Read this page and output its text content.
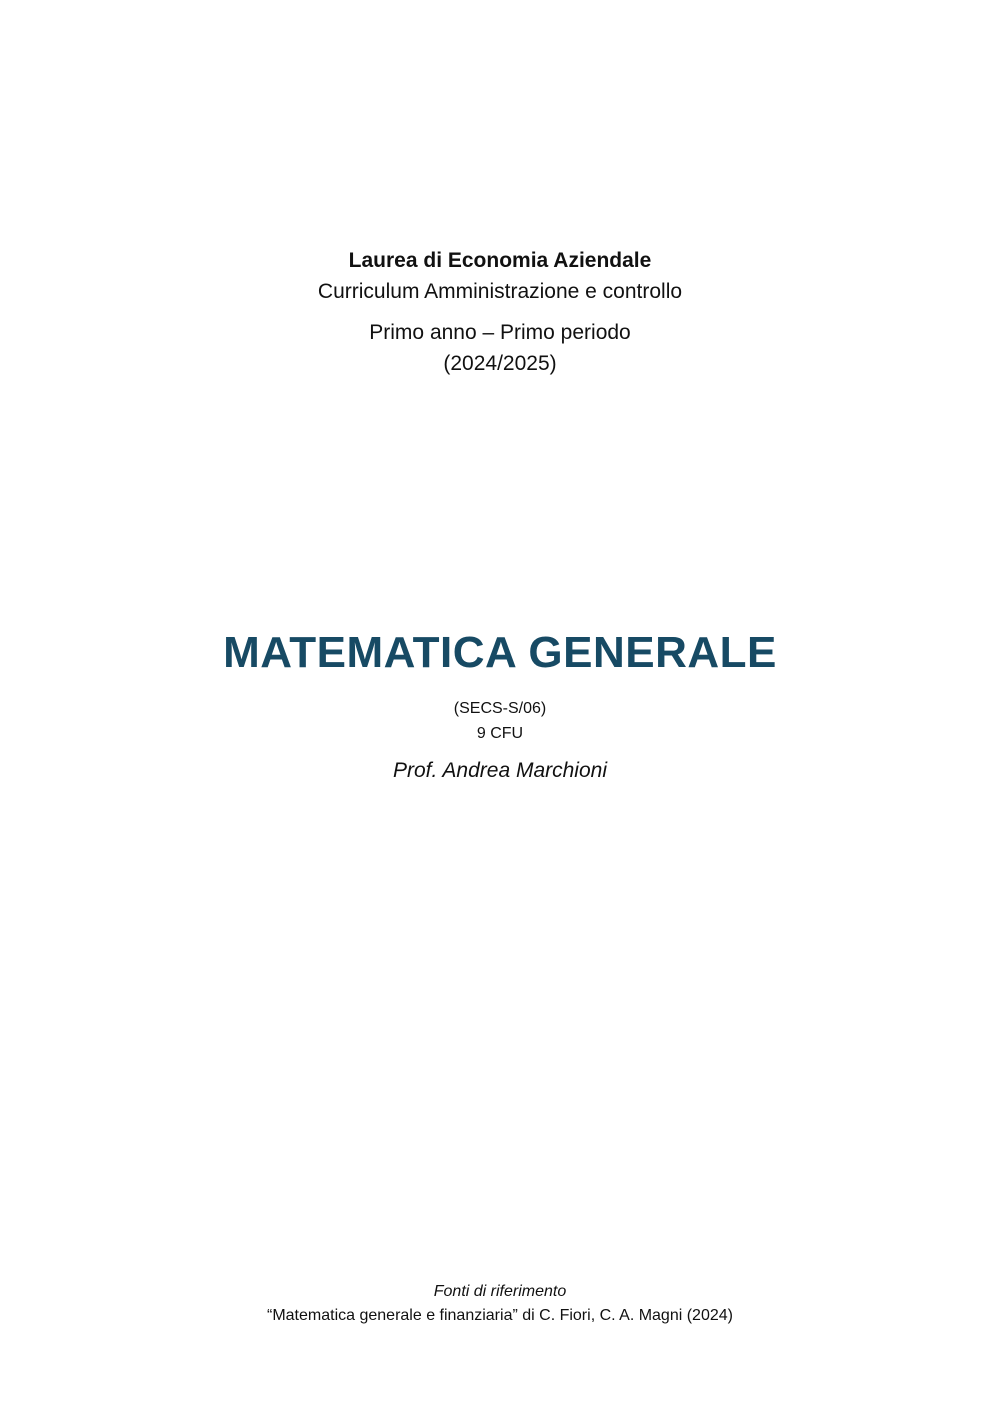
Laurea di Economia Aziendale
Curriculum Amministrazione e controllo
Primo anno – Primo periodo
(2024/2025)
MATEMATICA GENERALE
(SECS-S/06)
9 CFU
Prof. Andrea Marchioni
Fonti di riferimento
“Matematica generale e finanziaria” di C. Fiori, C. A. Magni (2024)
